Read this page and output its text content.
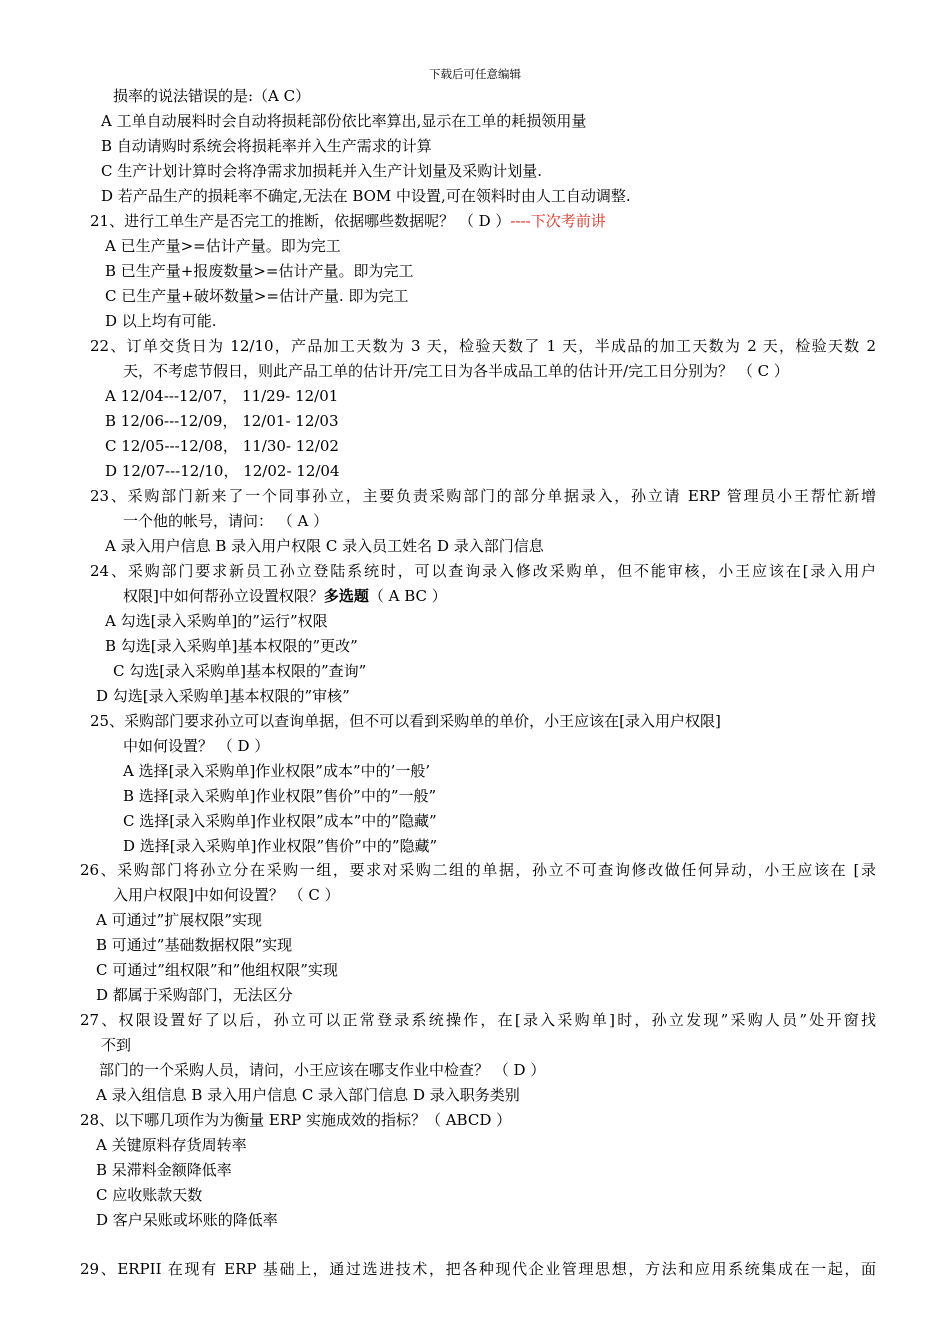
下载后可任意编辑
损率的说法错误的是:（A C）
A 工单自动展料时会自动将损耗部份依比率算出,显示在工单的耗损领用量
B 自动请购时系统会将损耗率并入生产需求的计算
C 生产计划计算时会将净需求加损耗并入生产计划量及采购计划量.
D 若产品生产的损耗率不确定,无法在 BOM 中设置,可在领料时由人工自动调整.
21、进行工单生产是否完工的推断，依据哪些数据呢？ （ D ）----下次考前讲
A 已生产量>=估计产量。即为完工
B 已生产量+报废数量>=估计产量。即为完工
C 已生产量+破坏数量>=估计产量. 即为完工
D 以上均有可能.
22、订单交货日为 12/10，产品加工天数为 3 天，检验天数了 1 天，半成品的加工天数为 2 天，检验天数 2
天，不考虑节假日，则此产品工单的估计开/完工日为各半成品工单的估计开/完工日分别为？ （ C ）
A 12/04---12/07， 11/29- 12/01
B 12/06---12/09， 12/01- 12/03
C 12/05---12/08， 11/30- 12/02
D 12/07---12/10， 12/02- 12/04
23、采购部门新来了一个同事孙立，主要负责采购部门的部分单据录入，孙立请 ERP 管理员小王帮忙新增
一个他的帐号，请问： （ A ）
A 录入用户信息 B 录入用户权限 C 录入员工姓名 D 录入部门信息
24、采购部门要求新员工孙立登陆系统时，可以查询录入修改采购单，但不能审核，小王应该在[录入用户
权限]中如何帮孙立设置权限？多选题（ A BC ）
A 勾选[录入采购单]的”运行”权限
B 勾选[录入采购单]基本权限的”更改”
C 勾选[录入采购单]基本权限的”查询”
D 勾选[录入采购单]基本权限的”审核”
25、采购部门要求孙立可以查询单据，但不可以看到采购单的单价，小王应该在[录入用户权限]
中如何设置？ （ D ）
A 选择[录入采购单]作业权限”成本”中的’一般’
B 选择[录入采购单]作业权限”售价”中的”一般”
C 选择[录入采购单]作业权限”成本”中的”隐藏”
D 选择[录入采购单]作业权限”售价”中的”隐藏”
26、采购部门将孙立分在采购一组，要求对采购二组的单据，孙立不可查询修改做任何异动，小王应该在 [录
入用户权限]中如何设置？ （ C ）
A 可通过”扩展权限”实现
B 可通过”基础数据权限”实现
C 可通过”组权限”和”他组权限”实现
D 都属于采购部门，无法区分
27、权限设置好了以后，孙立可以正常登录系统操作，在[录入采购单]时，孙立发现”采购人员”处开窗找
不到
部门的一个采购人员，请问，小王应该在哪支作业中检查？ （ D ）
A 录入组信息 B 录入用户信息 C 录入部门信息 D 录入职务类别
28、以下哪几项作为为衡量 ERP 实施成效的指标？（ ABCD ）
A 关键原料存货周转率
B 呆滞料金额降低率
C 应收账款天数
D 客户呆账或坏账的降低率
29、ERPII 在现有 ERP 基础上，通过选进技术，把各种现代企业管理思想，方法和应用系统集成在一起，面
